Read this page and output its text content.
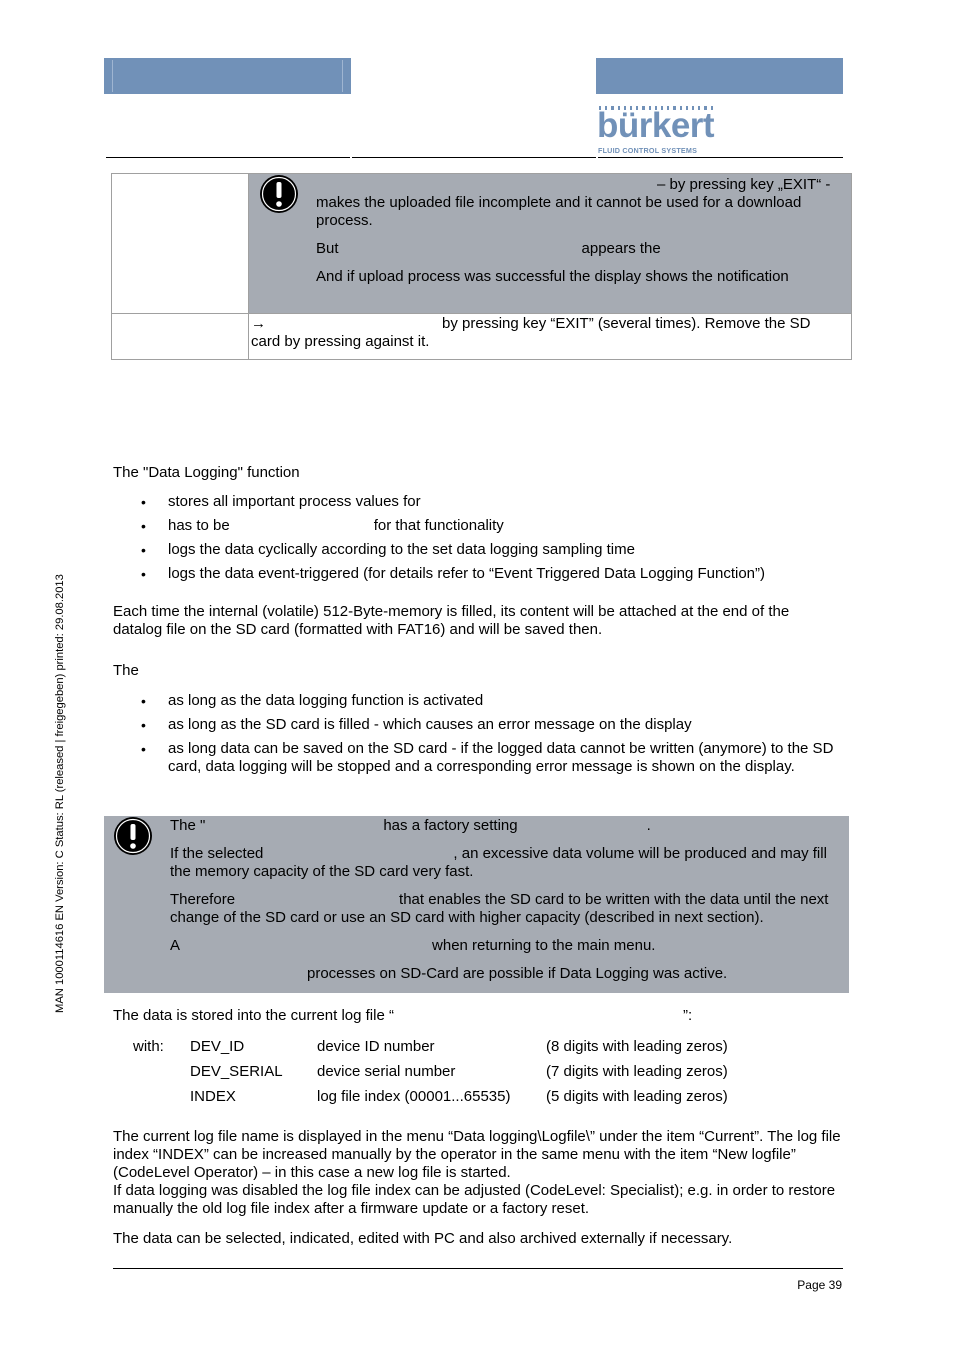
bürkert
FLUID CONTROL SYSTEMS

	– by pressing key „EXIT“ - makes the uploaded file incomplete and it cannot be used for a download process.

But appears the

And if upload process was successful the display shows the notification

	→ by pressing key “EXIT” (several times). Remove the SD
card by pressing against it.
The "Data Logging" function
• stores all important process values for
• has to be	for that functionality
• logs the data cyclically according to the set data logging sampling time
• logs the data event-triggered (for details refer to “Event Triggered Data Logging Function”)
Each time the internal (volatile) 512-Byte-memory is filled, its content will be attached at the end of the datalog file on the SD card (formatted with FAT16) and will be saved then.
The
• as long as the data logging function is activated
• as long as the SD card is filled - which causes an error message on the display
• as long data can be saved on the SD card - if the logged data cannot be written (anymore) to the SD card, data logging will be stopped and a corresponding error message is shown on the display.

The "	has a factory setting	.

If the selected	, an excessive data volume will be produced and may fill the memory capacity of the SD card very fast.

Therefore	that enables the SD card to be written with the data until the next change of the SD card or use an SD card with higher capacity (described in next section).

A	when returning to the main menu.

processes on SD-Card are possible if Data Logging was active.

The data is stored into the current log file “	”:
with:	DEV_ID	device ID number	(8 digits with leading zeros)
	DEV_SERIAL	device serial number	(7 digits with leading zeros)
	INDEX	log file index (00001...65535)	(5 digits with leading zeros)
The current log file name is displayed in the menu “Data logging\Logfile\” under the item “Current”. The log file index “INDEX” can be increased manually by the operator in the same menu with the item “New logfile” (CodeLevel Operator) – in this case a new log file is started.
If data logging was disabled the log file index can be adjusted (CodeLevel: Specialist); e.g. in order to restore manually the old log file index after a firmware update or a factory reset.
The data can be selected, indicated, edited with PC and also archived externally if necessary.
MAN 1000114616 EN Version: C Status: RL (released | freigegeben) printed: 29.08.2013
Page 39
